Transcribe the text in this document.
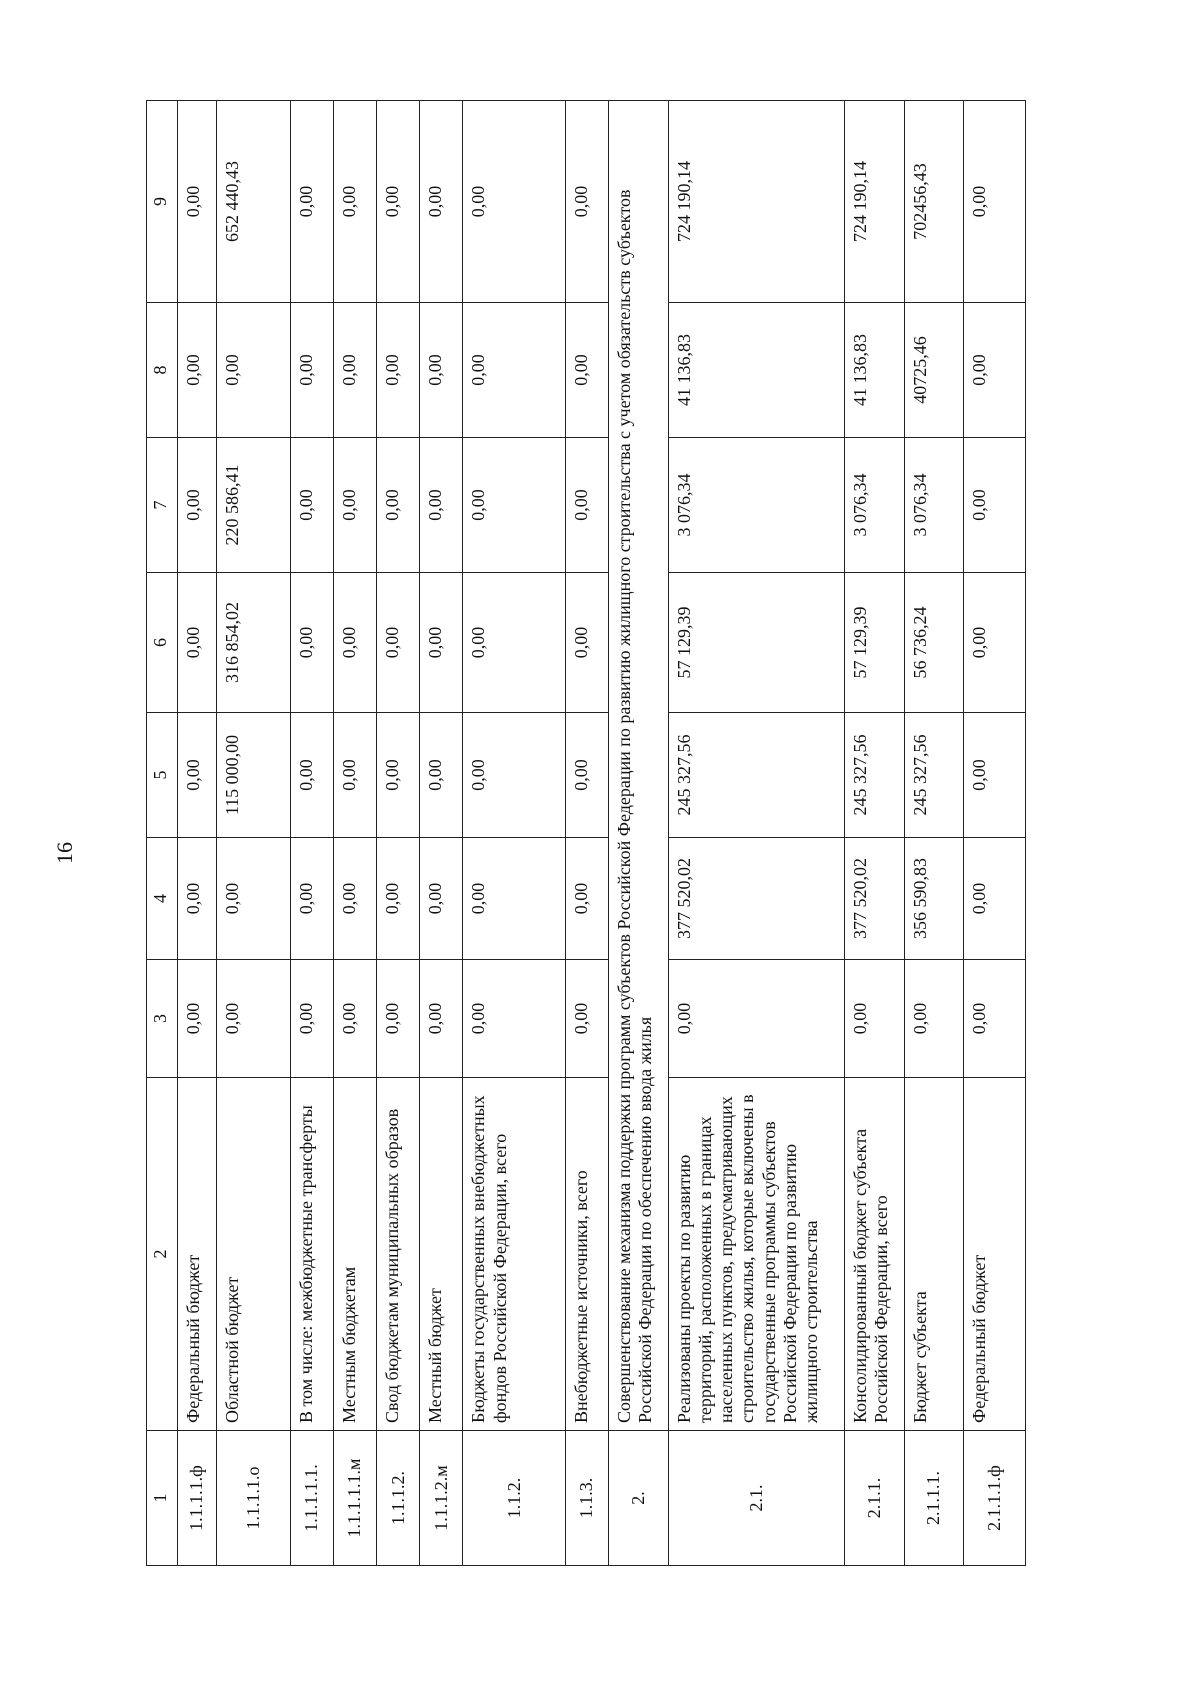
16
1	2	3	4	5	6	7	8	9
1.1.1.1.ф	Федеральный бюджет	0,00	0,00	0,00	0,00	0,00	0,00	0,00
1.1.1.1.о	Областной бюджет	0,00	0,00	115 000,00	316 854,02	220 586,41	0,00	652 440,43
1.1.1.1.1.	В том числе: межбюджетные трансферты	0,00	0,00	0,00	0,00	0,00	0,00	0,00
1.1.1.1.1.м	Местным бюджетам	0,00	0,00	0,00	0,00	0,00	0,00	0,00
1.1.1.2.	Свод бюджетам муниципальных образов	0,00	0,00	0,00	0,00	0,00	0,00	0,00
1.1.1.2.м	Местный бюджет	0,00	0,00	0,00	0,00	0,00	0,00	0,00
1.1.2.	Бюджеты государственных внебюджетных фондов Российской Федерации, всего	0,00	0,00	0,00	0,00	0,00	0,00	0,00
1.1.3.	Внебюджетные источники, всего	0,00	0,00	0,00	0,00	0,00	0,00	0,00
2.	Совершенствование механизма поддержки программ субъектов Российской Федерации по развитию жилищного строительства с учетом обязательств субъектов Российской Федерации по обеспечению ввода жилья							
2.1.	Реализованы проекты по развитию территорий, расположенных в границах населенных пунктов, предусматривающих строительство жилья, которые включены в государственные программы субъектов Российской Федерации по развитию жилищного строительства	0,00	377 520,02	245 327,56	57 129,39	3 076,34	41 136,83	724 190,14
2.1.1.	Консолидированный бюджет субъекта Российской Федерации, всего	0,00	377 520,02	245 327,56	57 129,39	3 076,34	41 136,83	724 190,14
2.1.1.1.	Бюджет субъекта	0,00	356 590,83	245 327,56	56 736,24	3 076,34	40725,46	702456,43
2.1.1.1.ф	Федеральный бюджет	0,00	0,00	0,00	0,00	0,00	0,00	0,00
